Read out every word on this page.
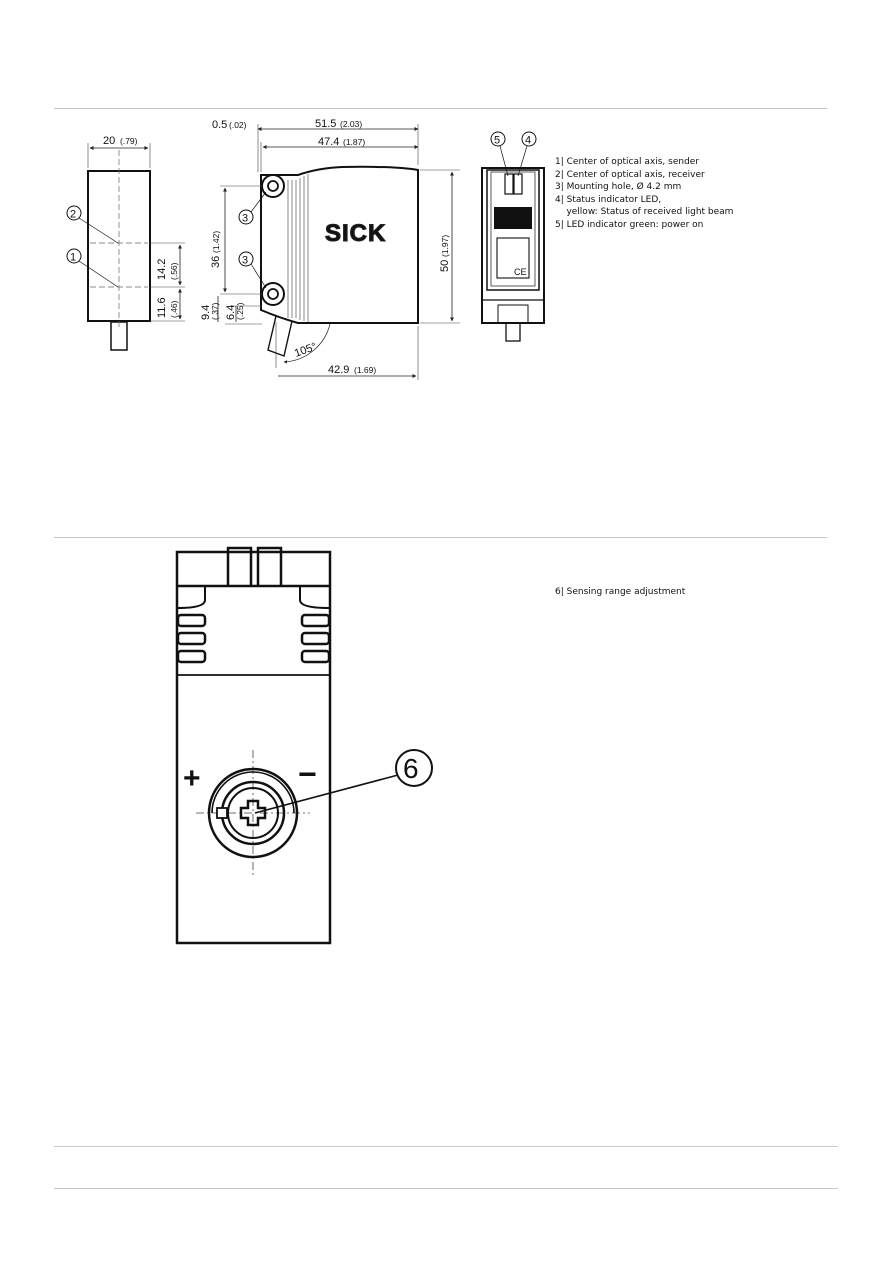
20 (.79)
14.2 (.56)
11.6 (.46)
2
1
SICK
105°
0.5 (.02)	51.5 (2.03)
47.4 (1.87)
36
(1.42)
9.4
(.37) 6.4
(.25)
50
(1.97)
42.9 (1.69)
3
3
SICK
CE
5 4
1| Center of optical axis, sender
2| Center of optical axis, receiver
3| Mounting hole, Ø 4.2 mm
4| Status indicator LED,
yellow: Status of received light beam
5| LED indicator green: power on
+	−	6
6| Sensing range adjustment
